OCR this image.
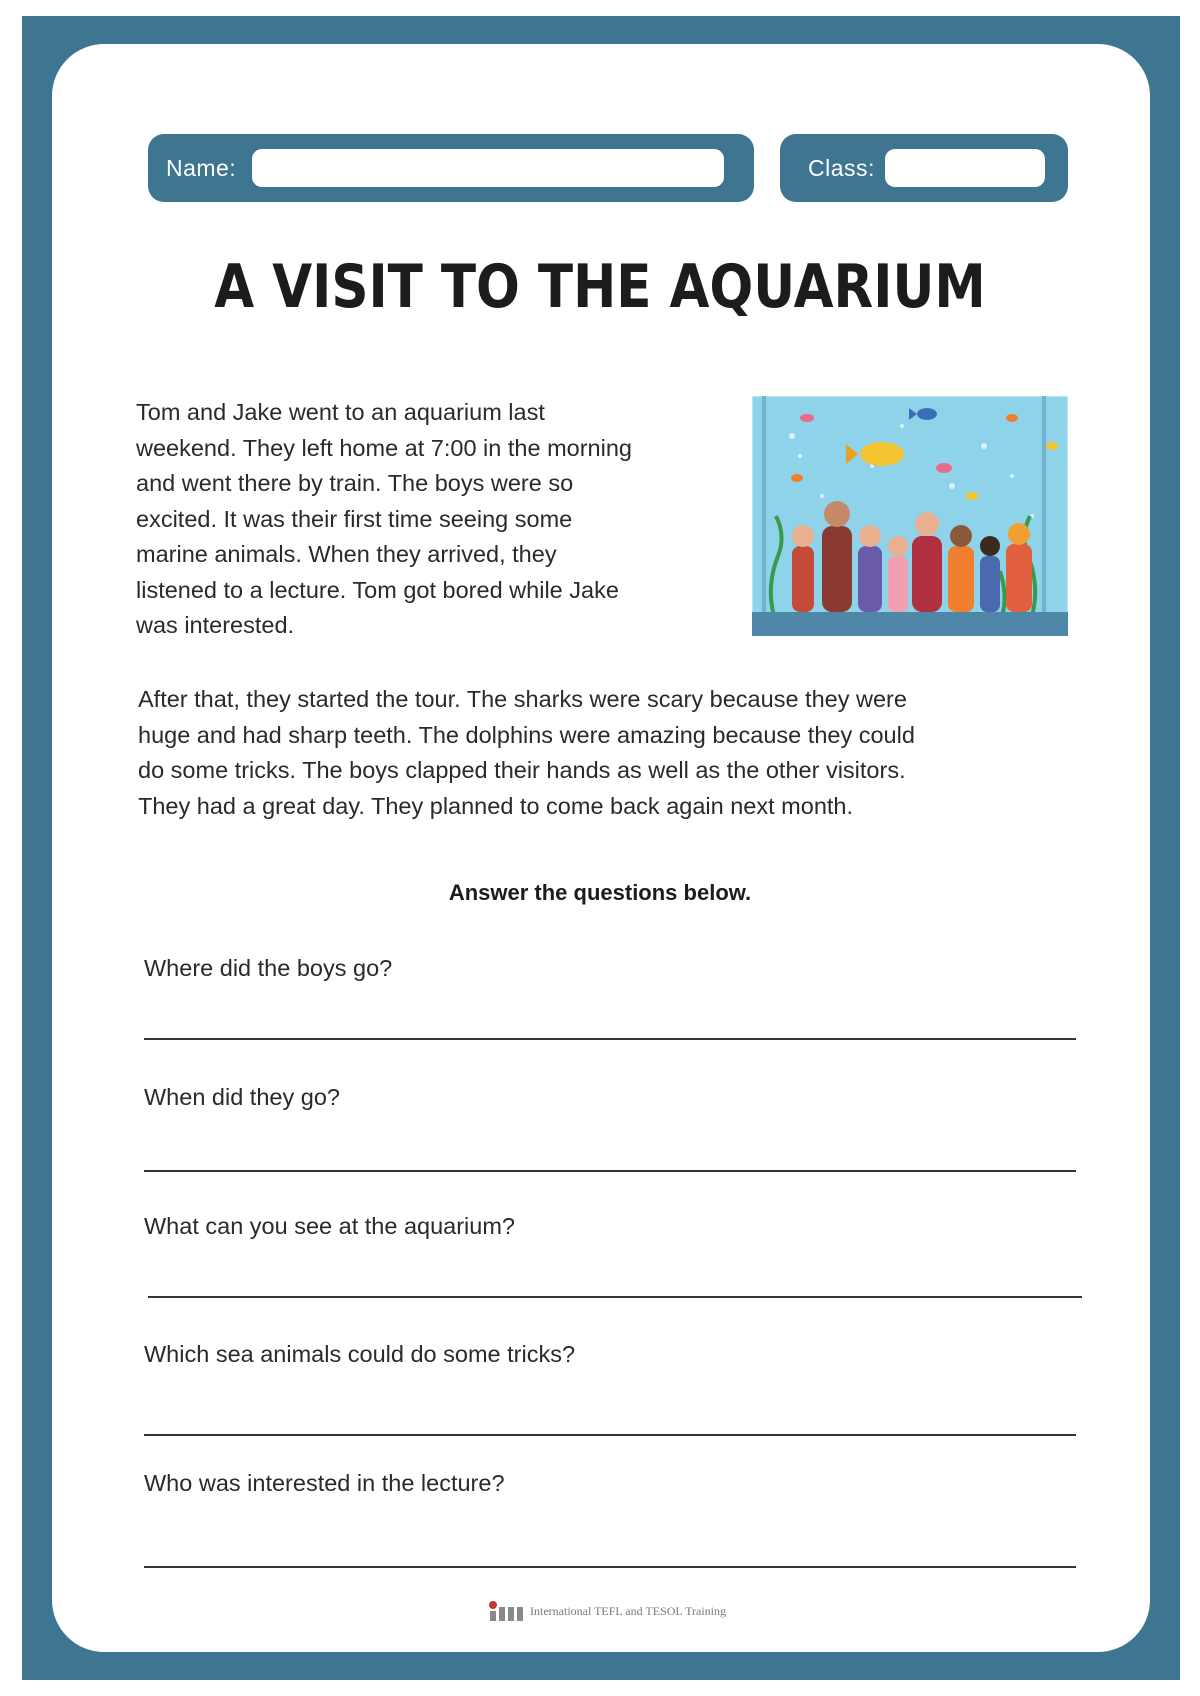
Name:	Class:
A VISIT TO THE AQUARIUM
Tom and Jake went to an aquarium last
weekend. They left home at 7:00 in the morning
and went there by train. The boys were so
excited. It was their first time seeing some
marine animals. When they arrived, they
listened to a lecture. Tom got bored while Jake
was interested.
After that, they started the tour. The sharks were scary because they were
huge and had sharp teeth. The dolphins were amazing because they could
do some tricks. The boys clapped their hands as well as the other visitors.
They had a great day. They planned to come back again next month.
Answer the questions below.
Where did the boys go?
When did they go?
What can you see at the aquarium?
Which sea animals could do some tricks?
Who was interested in the lecture?
International TEFL and TESOL Training
